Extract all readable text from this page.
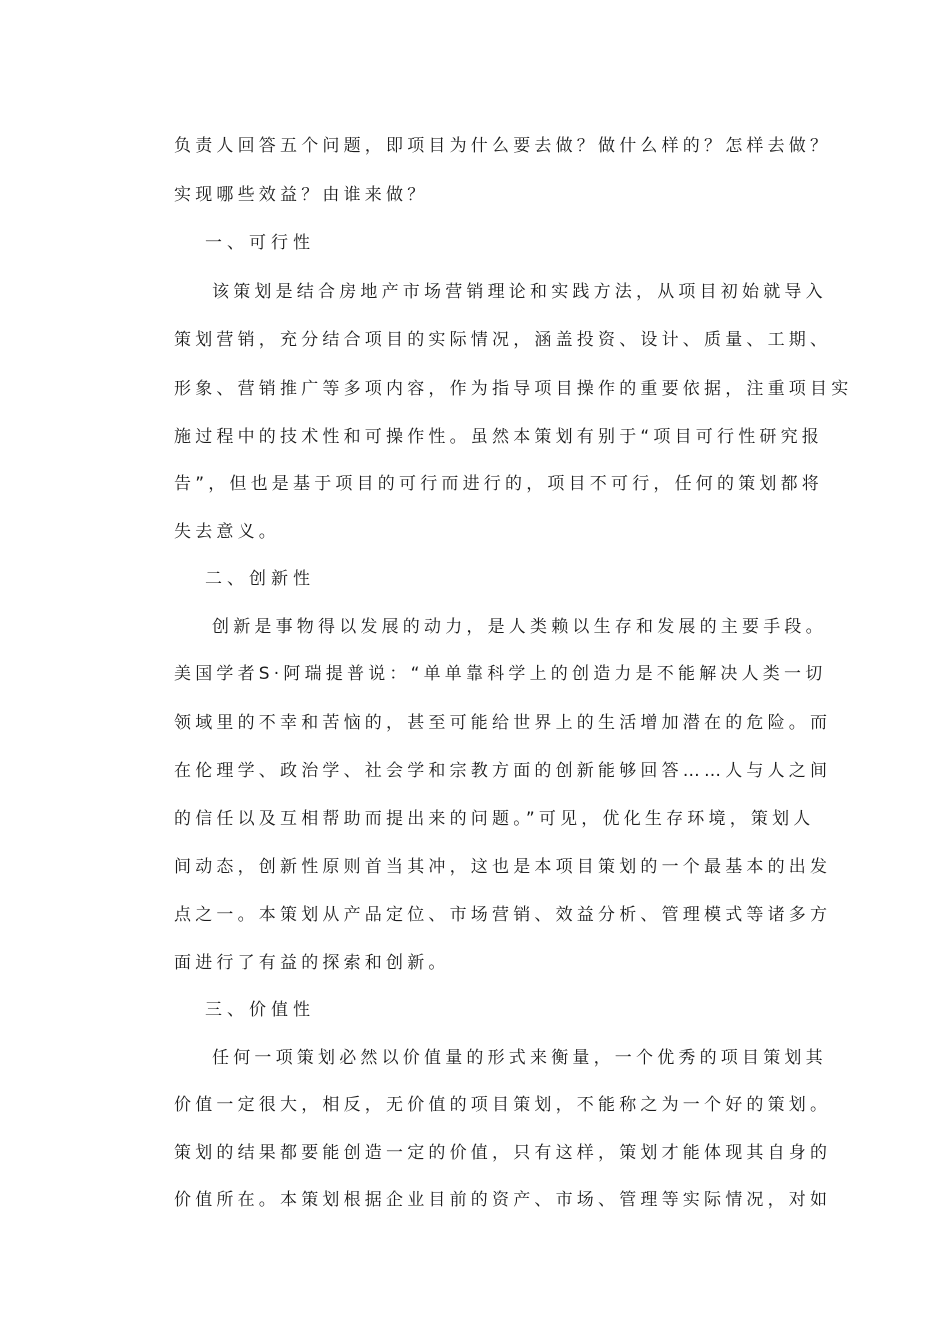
负责人回答五个问题，即项目为什么要去做？做什么样的？怎样去做？
实现哪些效益？由谁来做？
一、可行性
该策划是结合房地产市场营销理论和实践方法，从项目初始就导入
策划营销，充分结合项目的实际情况，涵盖投资、设计、质量、工期、
形象、营销推广等多项内容，作为指导项目操作的重要依据，注重项目实
施过程中的技术性和可操作性。虽然本策划有别于“项目可行性研究报
告”，但也是基于项目的可行而进行的，项目不可行，任何的策划都将
失去意义。
二、创新性
创新是事物得以发展的动力，是人类赖以生存和发展的主要手段。
美国学者S·阿瑞提普说：“单单靠科学上的创造力是不能解决人类一切
领域里的不幸和苦恼的，甚至可能给世界上的生活增加潜在的危险。而
在伦理学、政治学、社会学和宗教方面的创新能够回答……人与人之间
的信任以及互相帮助而提出来的问题。”可见，优化生存环境，策划人
间动态，创新性原则首当其冲，这也是本项目策划的一个最基本的出发
点之一。本策划从产品定位、市场营销、效益分析、管理模式等诸多方
面进行了有益的探索和创新。
三、价值性
任何一项策划必然以价值量的形式来衡量，一个优秀的项目策划其
价值一定很大，相反，无价值的项目策划，不能称之为一个好的策划。
策划的结果都要能创造一定的价值，只有这样，策划才能体现其自身的
价值所在。本策划根据企业目前的资产、市场、管理等实际情况，对如
